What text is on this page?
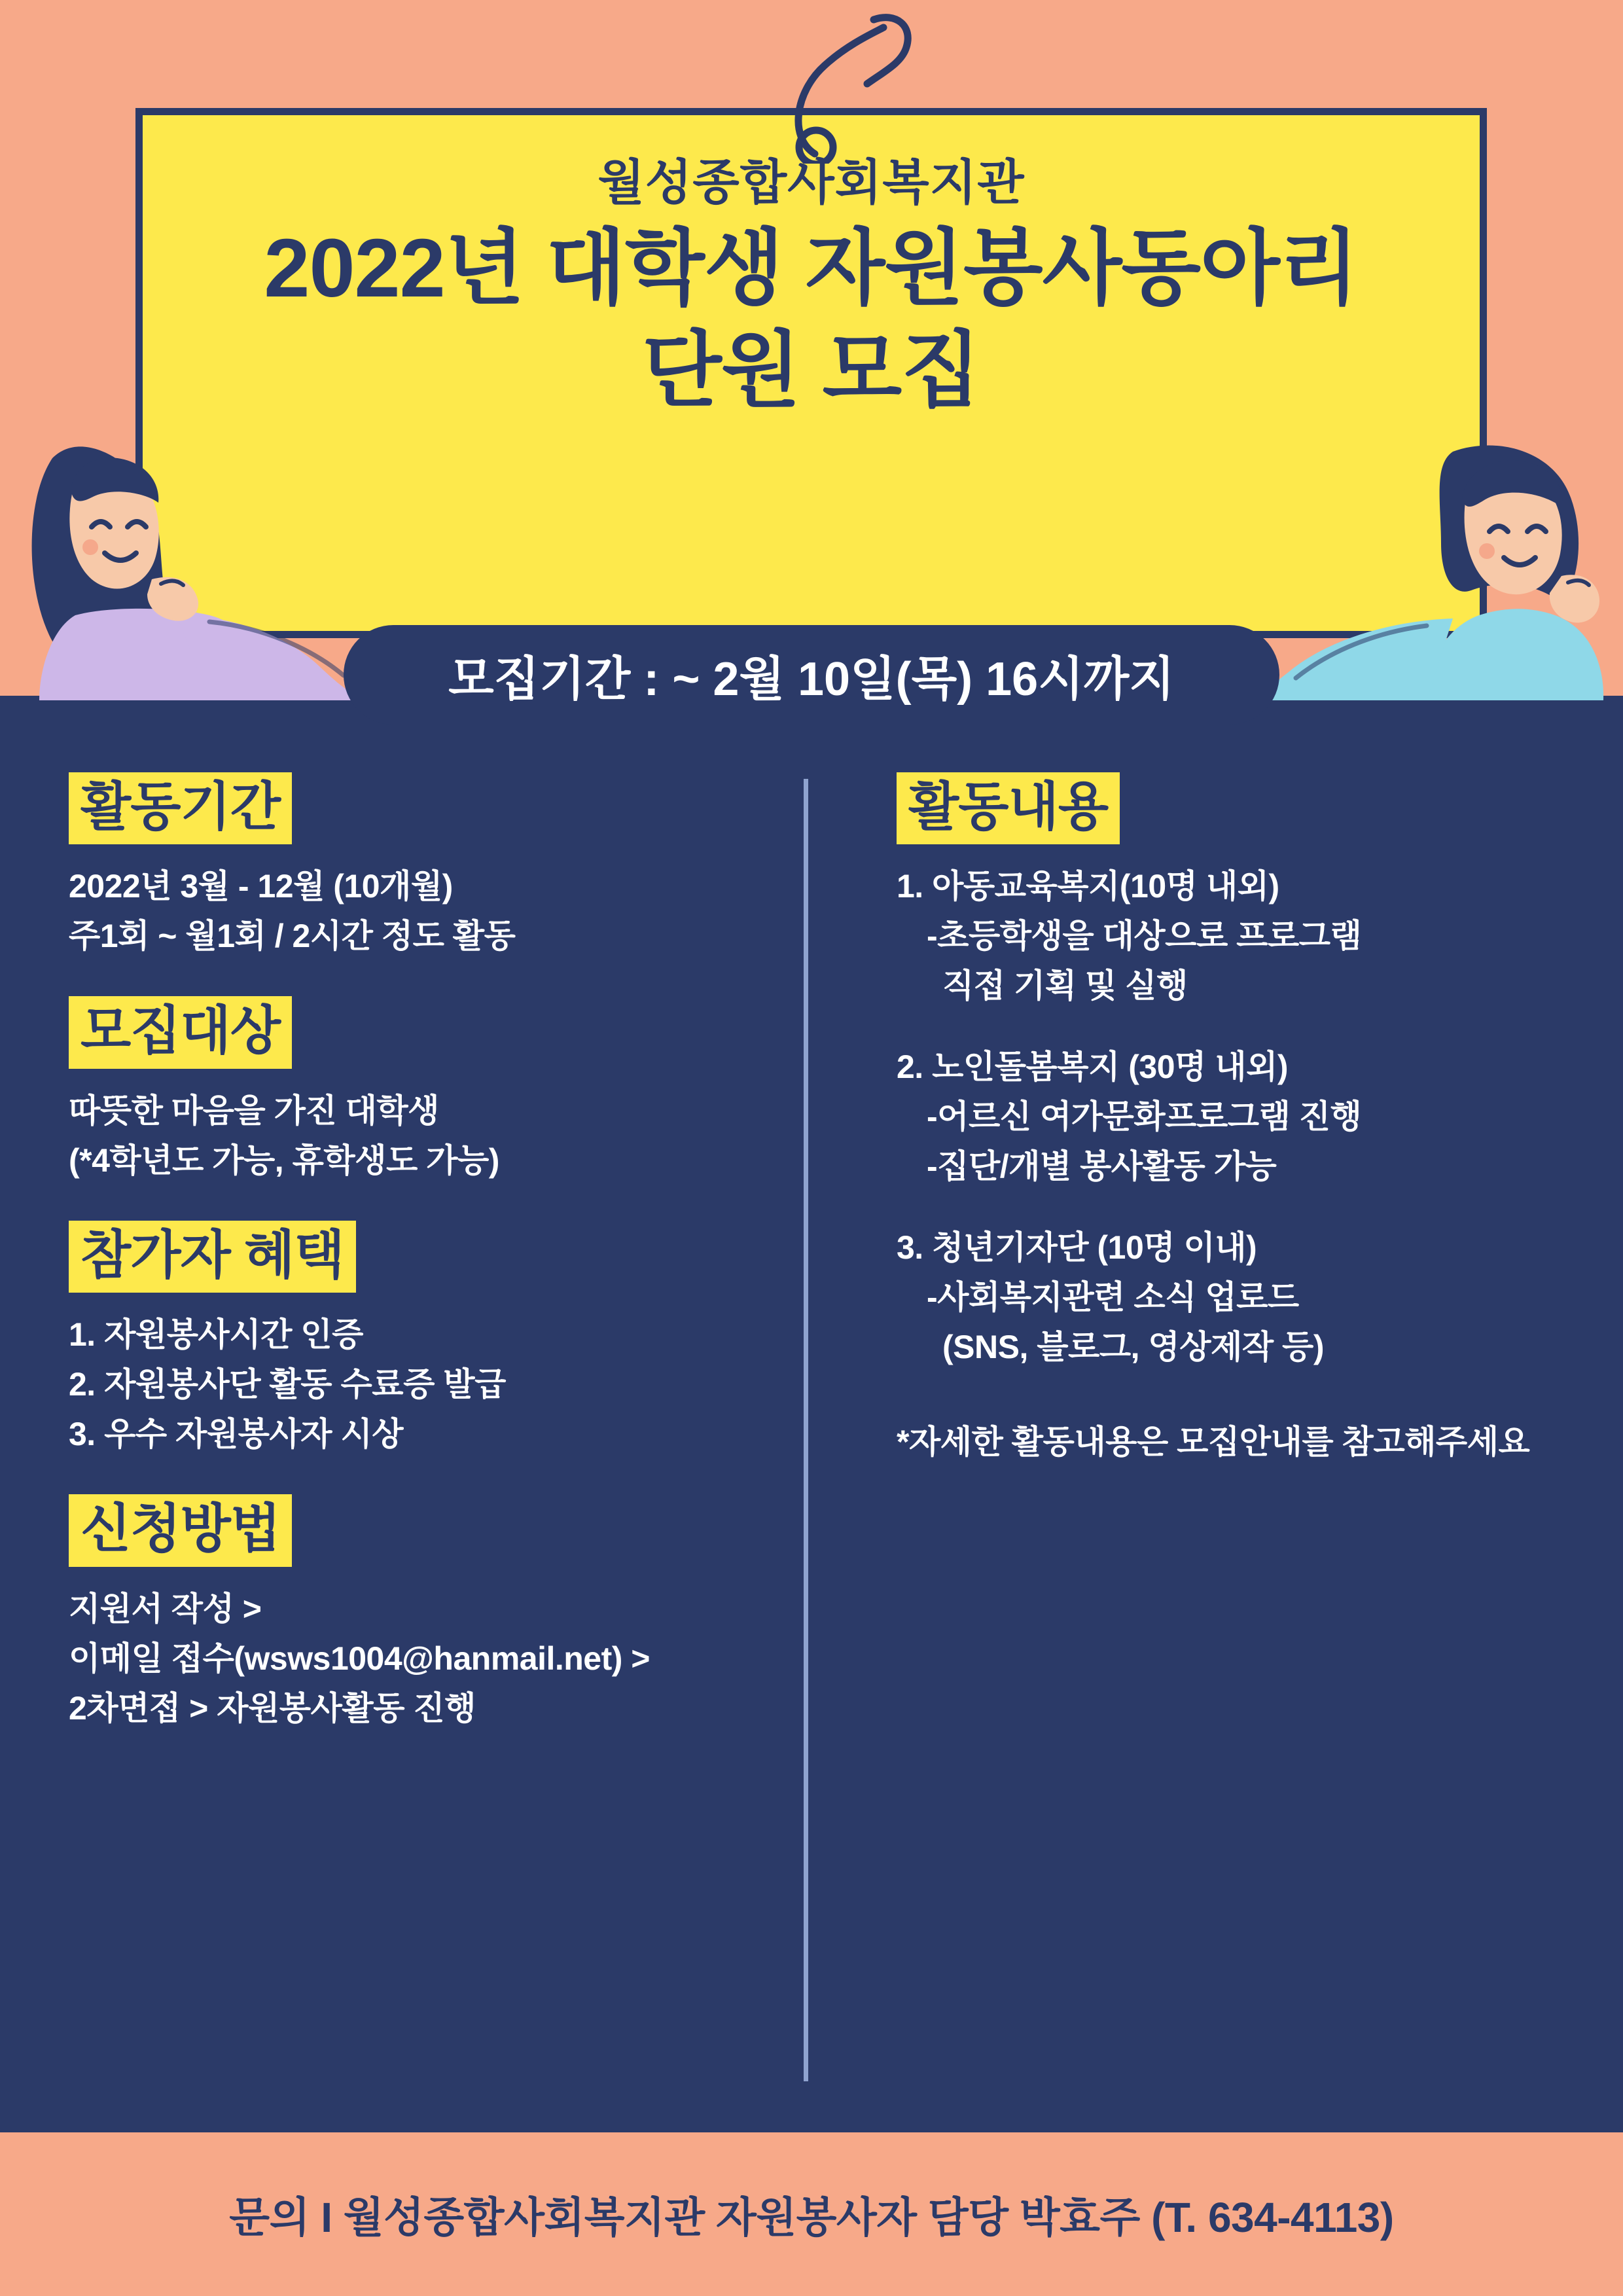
월성종합사회복지관
2022년 대학생 자원봉사동아리
단원 모집
모집기간 : ~ 2월 10일(목) 16시까지
활동기간
2022년 3월 - 12월 (10개월)
주1회 ~ 월1회 / 2시간 정도 활동
모집대상
따뜻한 마음을 가진 대학생
(*4학년도 가능, 휴학생도 가능)
참가자 혜택
1. 자원봉사시간 인증
2. 자원봉사단 활동 수료증 발급
3. 우수 자원봉사자 시상
신청방법
지원서 작성 >
이메일 접수(wsws1004@hanmail.net) >
2차면접 > 자원봉사활동 진행
활동내용
1. 아동교육복지(10명 내외)
-초등학생을 대상으로 프로그램
직접 기획 및 실행
2. 노인돌봄복지 (30명 내외)
-어르신 여가문화프로그램 진행
-집단/개별 봉사활동 가능
3. 청년기자단 (10명 이내)
-사회복지관련 소식 업로드
(SNS, 블로그, 영상제작 등)
*자세한 활동내용은 모집안내를 참고해주세요
문의 I 월성종합사회복지관 자원봉사자 담당 박효주 (T. 634-4113)
